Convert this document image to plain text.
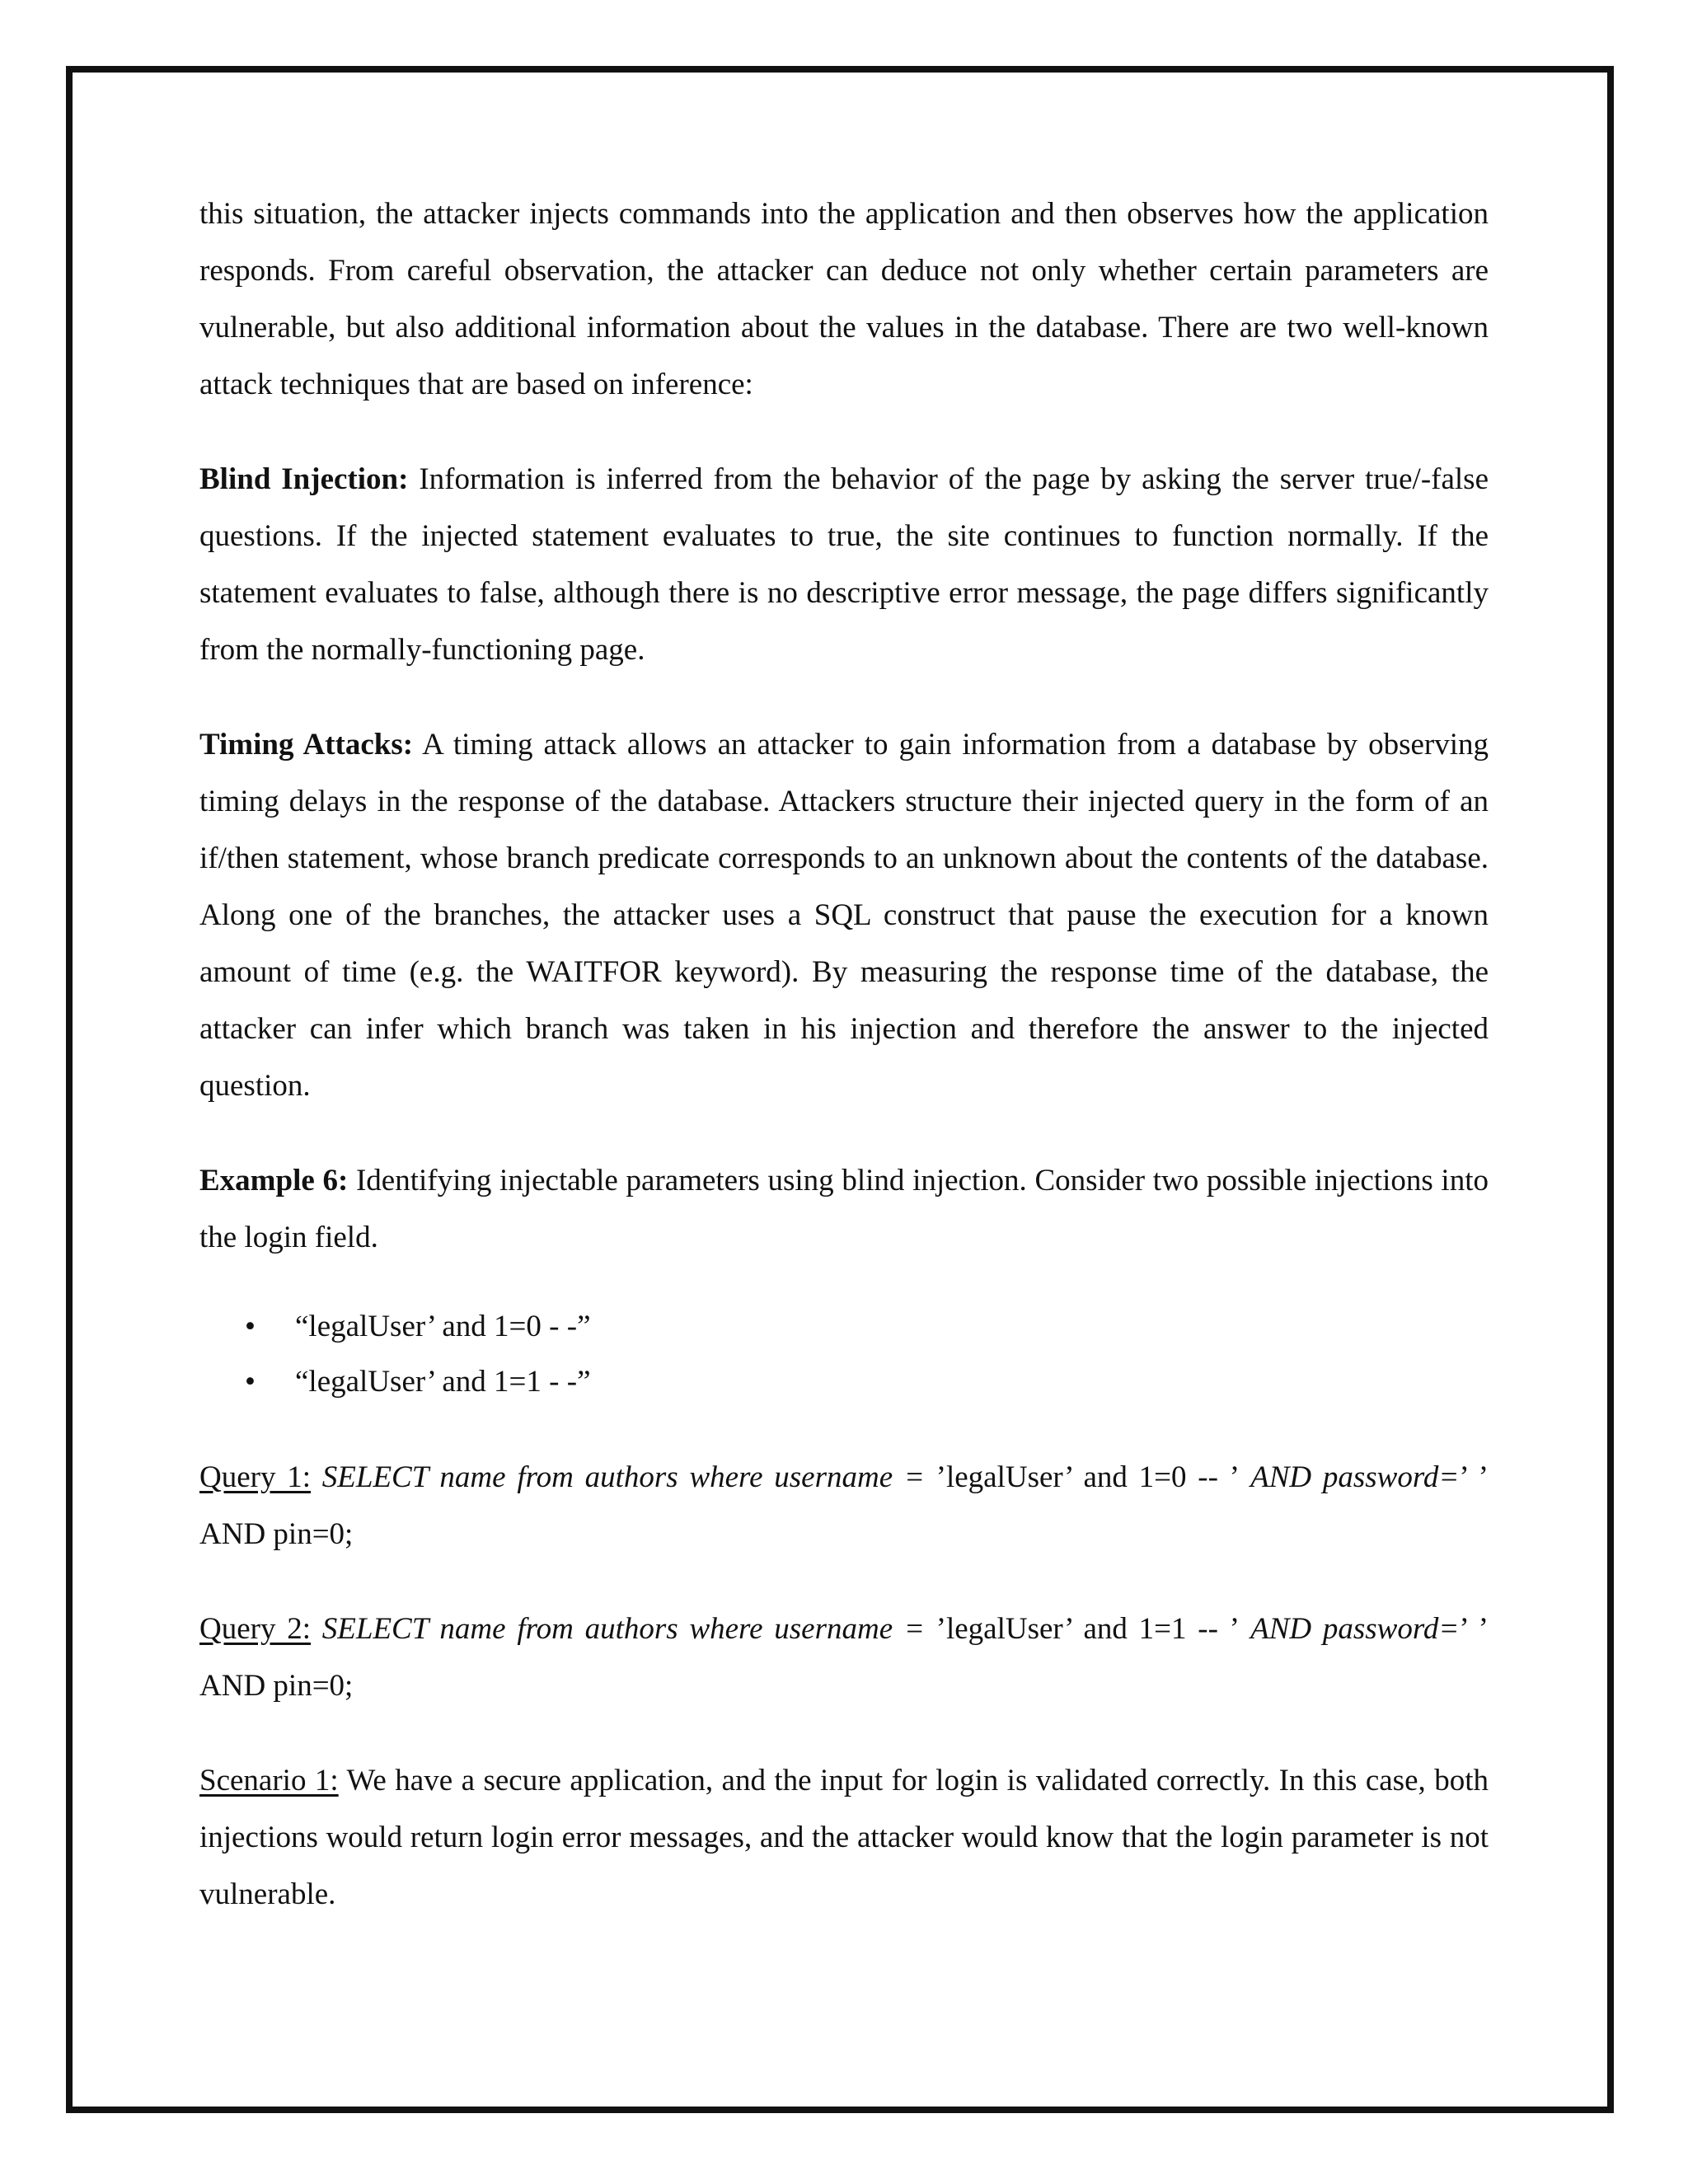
this situation, the attacker injects commands into the application and then observes how the application responds. From careful observation, the attacker can deduce not only whether certain parameters are vulnerable, but also additional information about the values in the database. There are two well-known attack techniques that are based on inference:

Blind Injection: Information is inferred from the behavior of the page by asking the server true/-false questions. If the injected statement evaluates to true, the site continues to function normally. If the statement evaluates to false, although there is no descriptive error message, the page differs significantly from the normally-functioning page.

Timing Attacks: A timing attack allows an attacker to gain information from a database by observing timing delays in the response of the database. Attackers structure their injected query in the form of an if/then statement, whose branch predicate corresponds to an unknown about the contents of the database. Along one of the branches, the attacker uses a SQL construct that pause the execution for a known amount of time (e.g. the WAITFOR keyword). By measuring the response time of the database, the attacker can infer which branch was taken in his injection and therefore the answer to the injected question.

Example 6: Identifying injectable parameters using blind injection. Consider two possible injections into the login field.

• “legalUser’ and 1=0 - -”
• “legalUser’ and 1=1 - -”

Query 1: SELECT name from authors where username = ’legalUser’ and 1=0 -- ’ AND password=’ ’ AND pin=0;

Query 2: SELECT name from authors where username = ’legalUser’ and 1=1 -- ’ AND password=’ ’ AND pin=0;

Scenario 1: We have a secure application, and the input for login is validated correctly. In this case, both injections would return login error messages, and the attacker would know that the login parameter is not vulnerable.
